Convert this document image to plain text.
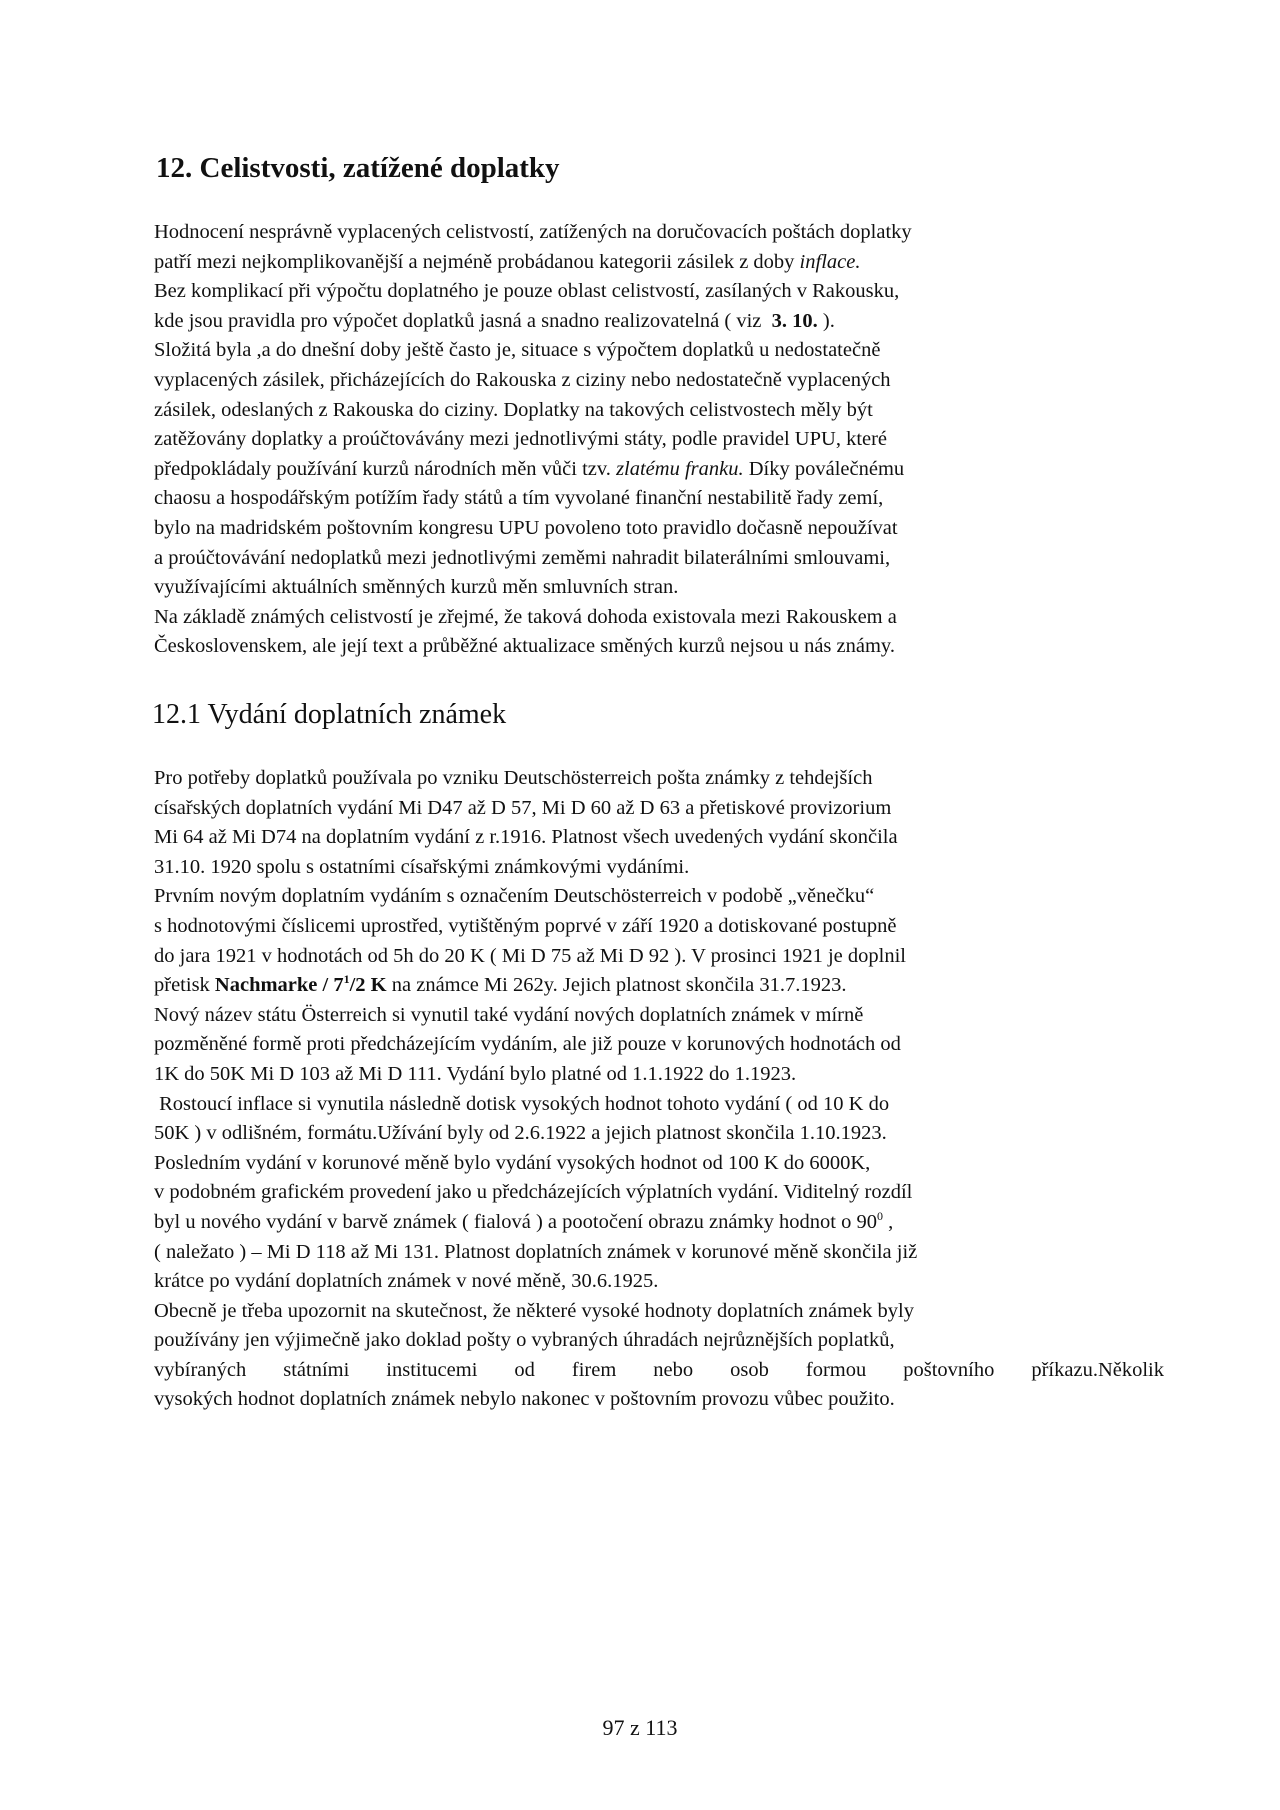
12. Celistvosti, zatížené doplatky
Hodnocení nesprávně vyplacených celistvostí, zatížených na doručovacích poštách doplatky
patří mezi nejkomplikovanější a nejméně probádanou kategorii zásilek z doby inflace.
Bez komplikací při výpočtu doplatného je pouze oblast celistvostí, zasílaných v Rakousku,
kde jsou pravidla pro výpočet doplatků jasná a snadno realizovatelná ( viz 3. 10. ).
Složitá byla ,a do dnešní doby ještě často je, situace s výpočtem doplatků u nedostatečně
vyplacených zásilek, přicházejících do Rakouska z ciziny nebo nedostatečně vyplacených
zásilek, odeslaných z Rakouska do ciziny. Doplatky na takových celistvostech měly být
zatěžovány doplatky a proúčtovávány mezi jednotlivými státy, podle pravidel UPU, které
předpokládaly používání kurzů národních měn vůči tzv. zlatému franku. Díky poválečnému
chaosu a hospodářským potížím řady států a tím vyvolané finanční nestabilitě řady zemí,
bylo na madridském poštovním kongresu UPU povoleno toto pravidlo dočasně nepoužívat
a proúčtovávání nedoplatků mezi jednotlivými zeměmi nahradit bilaterálními smlouvami,
využívajícími aktuálních směnných kurzů měn smluvních stran.
Na základě známých celistvostí je zřejmé, že taková dohoda existovala mezi Rakouskem a
Československem, ale její text a průběžné aktualizace směných kurzů nejsou u nás známy.
12.1 Vydání doplatních známek
Pro potřeby doplatků používala po vzniku Deutschösterreich pošta známky z tehdejších
císařských doplatních vydání Mi D47 až D 57, Mi D 60 až D 63 a přetiskové provizorium
Mi 64 až Mi D74 na doplatním vydání z r.1916. Platnost všech uvedených vydání skončila
31.10. 1920 spolu s ostatními císařskými známkovými vydáními.
Prvním novým doplatním vydáním s označením Deutschösterreich v podobě „věnečku“
s hodnotovými číslicemi uprostřed, vytištěným poprvé v září 1920 a dotiskované postupně
do jara 1921 v hodnotách od 5h do 20 K ( Mi D 75 až Mi D 92 ). V prosinci 1921 je doplnil
přetisk Nachmarke / $7^1/2$ K na známce Mi 262y. Jejich platnost skončila 31.7.1923.
Nový název státu Österreich si vynutil také vydání nových doplatních známek v mírně
pozměněné formě proti předcházejícím vydáním, ale již pouze v korunových hodnotách od
1K do 50K Mi D 103 až Mi D 111. Vydání bylo platné od 1.1.1922 do 1.1923.
Rostoucí inflace si vynutila následně dotisk vysokých hodnot tohoto vydání ( od 10 K do
50K ) v odlišném, formátu.Užívání byly od 2.6.1922 a jejich platnost skončila 1.10.1923.
Posledním vydání v korunové měně bylo vydání vysokých hodnot od 100 K do 6000K,
v podobném grafickém provedení jako u předcházejících výplatních vydání. Viditelný rozdíl
byl u nového vydání v barvě známek ( fialová ) a pootočení obrazu známky hodnot o $90^0$ ,
( naležato ) – Mi D 118 až Mi 131. Platnost doplatních známek v korunové měně skončila již
krátce po vydání doplatních známek v nové měně, 30.6.1925.
Obecně je třeba upozornit na skutečnost, že některé vysoké hodnoty doplatních známek byly
používány jen výjimečně jako doklad pošty o vybraných úhradách nejrůznějších poplatků,
vybíraných státními institucemi od firem nebo osob formou poštovního příkazu.Několik
vysokých hodnot doplatních známek nebylo nakonec v poštovním provozu vůbec použito.
97 z 113
